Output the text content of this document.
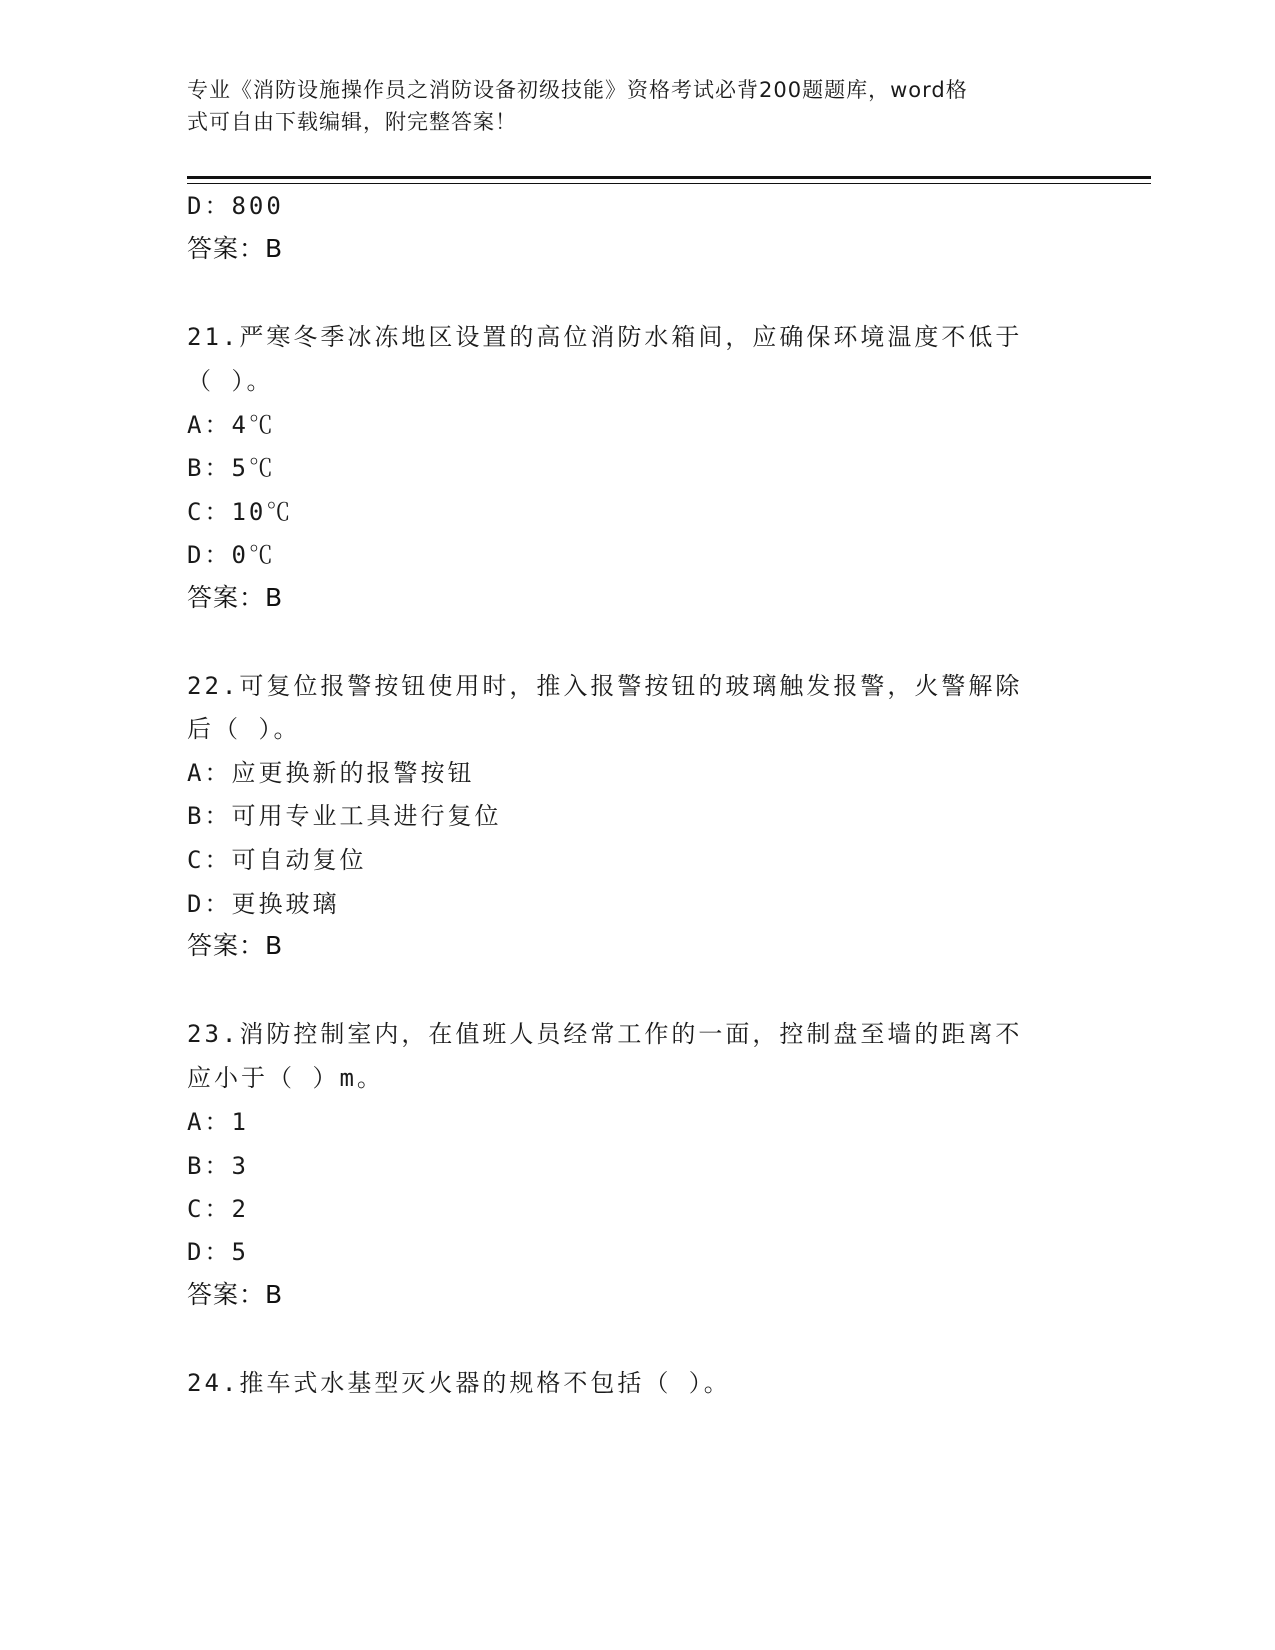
专业《消防设施操作员之消防设备初级技能》资格考试必背200题题库，word格
式可自由下载编辑，附完整答案！
D：800
答案：B
21.严寒冬季冰冻地区设置的高位消防水箱间，应确保环境温度不低于
（ ）。
A：4℃
B：5℃
C：10℃
D：0℃
答案：B
22.可复位报警按钮使用时，推入报警按钮的玻璃触发报警，火警解除
后（ ）。
A：应更换新的报警按钮
B：可用专业工具进行复位
C：可自动复位
D：更换玻璃
答案：B
23.消防控制室内，在值班人员经常工作的一面，控制盘至墙的距离不
应小于（ ）m。
A：1
B：3
C：2
D：5
答案：B
24.推车式水基型灭火器的规格不包括（ ）。
